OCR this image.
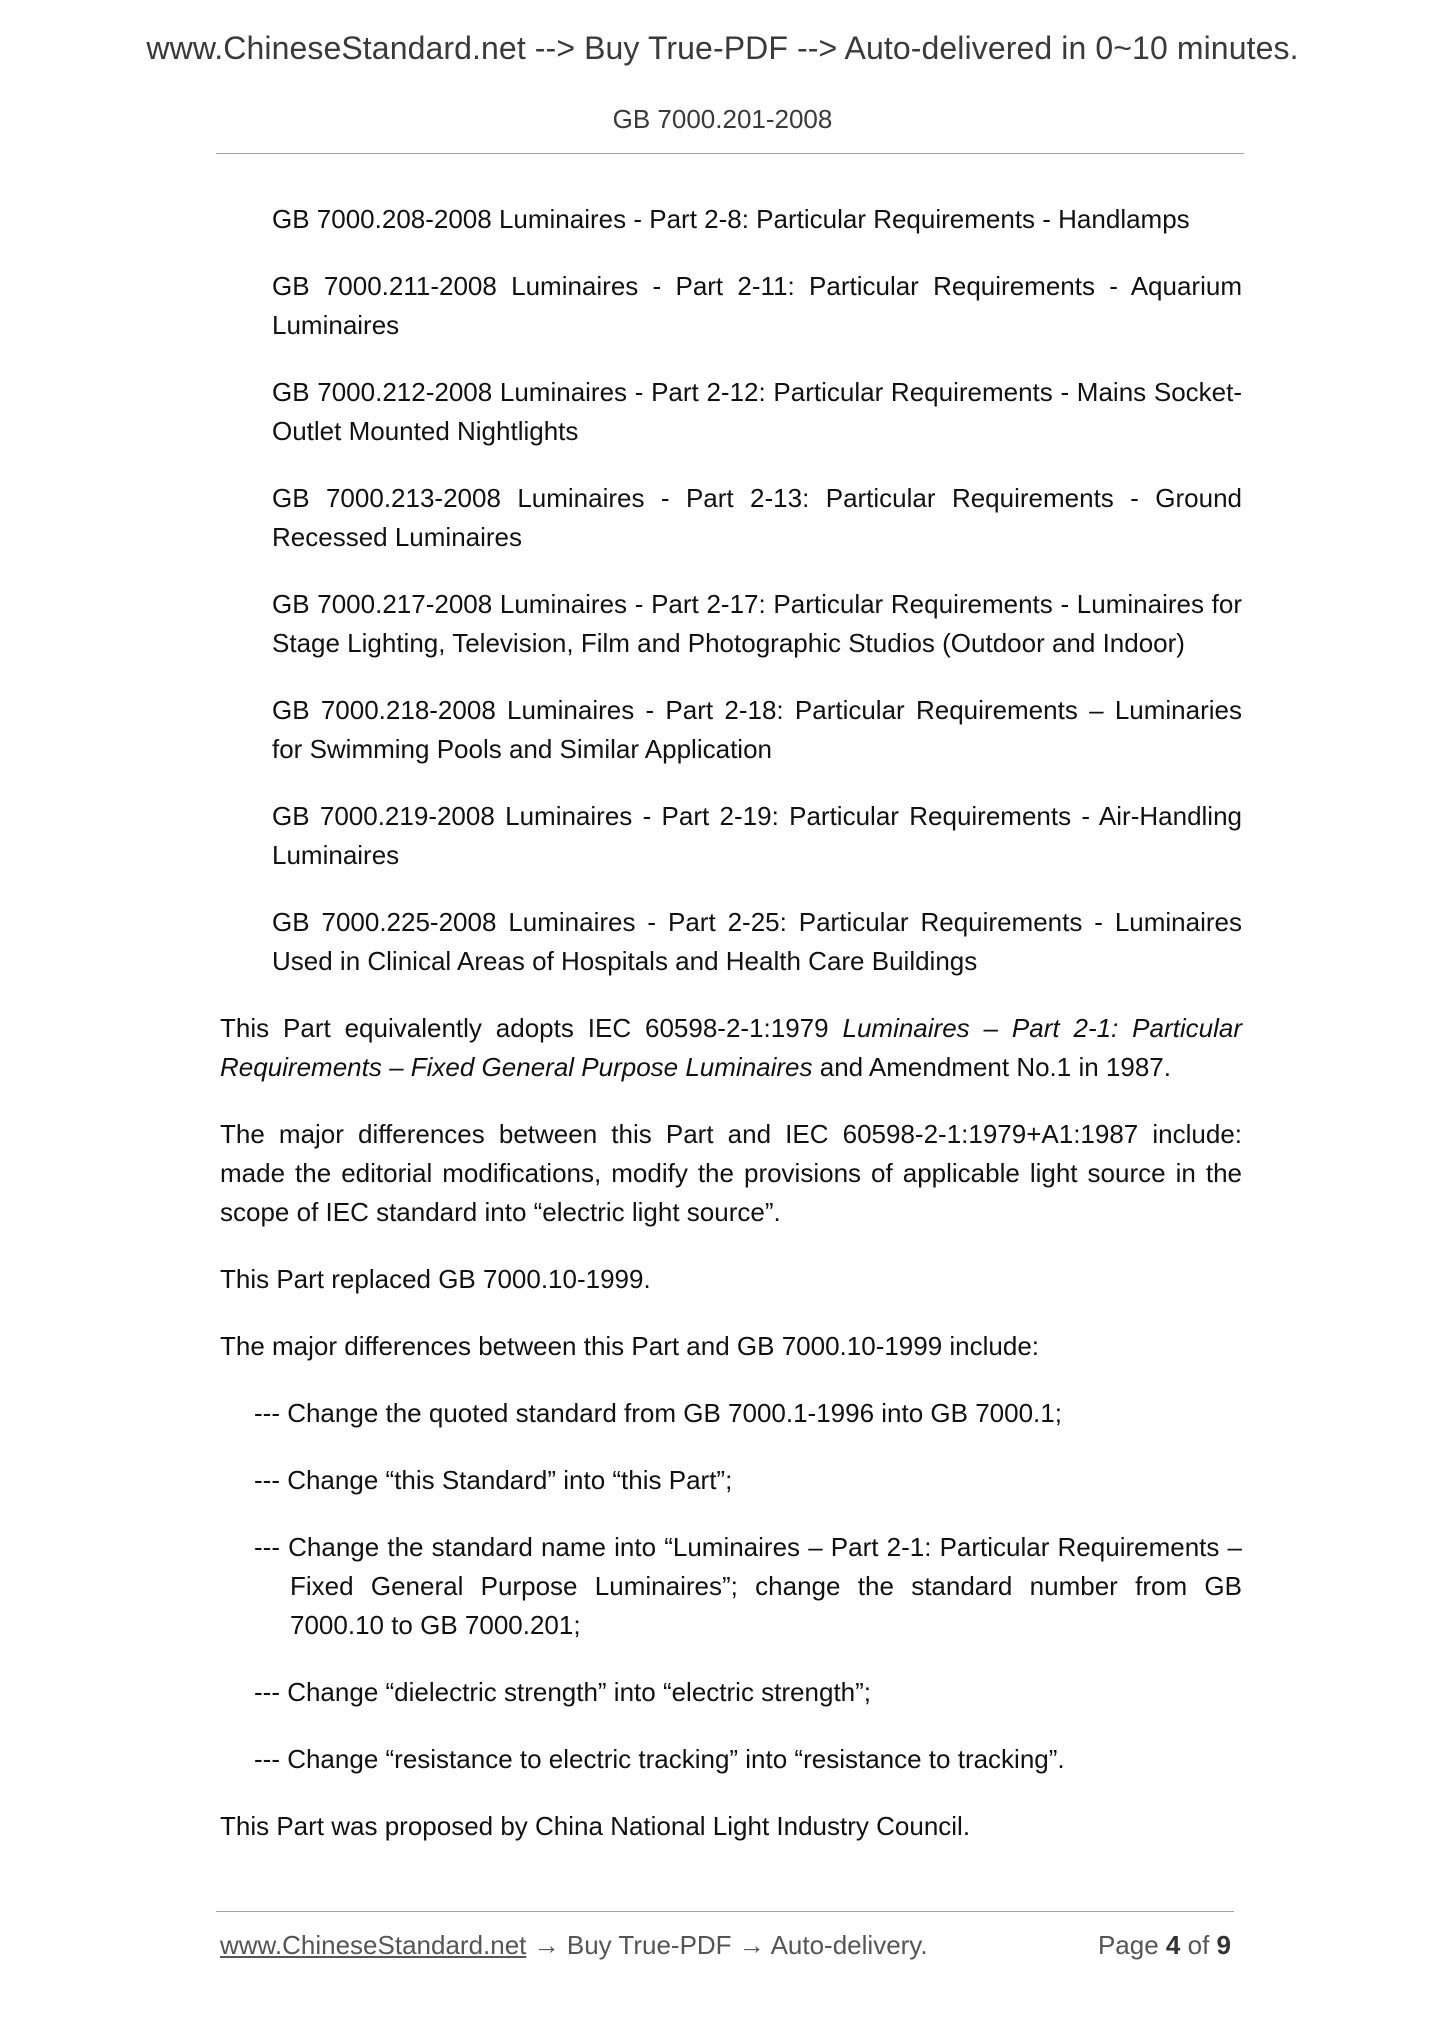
www.ChineseStandard.net --> Buy True-PDF --> Auto-delivered in 0~10 minutes.
GB 7000.201-2008

GB 7000.208-2008 Luminaires - Part 2-8: Particular Requirements - Handlamps

GB 7000.211-2008 Luminaires - Part 2-11: Particular Requirements - Aquarium Luminaires

GB 7000.212-2008 Luminaires - Part 2-12: Particular Requirements - Mains Socket-Outlet Mounted Nightlights

GB 7000.213-2008 Luminaires - Part 2-13: Particular Requirements - Ground Recessed Luminaires

GB 7000.217-2008 Luminaires - Part 2-17: Particular Requirements - Luminaires for Stage Lighting, Television, Film and Photographic Studios (Outdoor and Indoor)

GB 7000.218-2008 Luminaires - Part 2-18: Particular Requirements – Luminaries for Swimming Pools and Similar Application

GB 7000.219-2008 Luminaires - Part 2-19: Particular Requirements - Air-Handling Luminaires

GB 7000.225-2008 Luminaires - Part 2-25: Particular Requirements - Luminaires Used in Clinical Areas of Hospitals and Health Care Buildings

This Part equivalently adopts IEC 60598-2-1:1979 Luminaires – Part 2-1: Particular Requirements – Fixed General Purpose Luminaires and Amendment No.1 in 1987.

The major differences between this Part and IEC 60598-2-1:1979+A1:1987 include: made the editorial modifications, modify the provisions of applicable light source in the scope of IEC standard into “electric light source”.

This Part replaced GB 7000.10-1999.

The major differences between this Part and GB 7000.10-1999 include:

--- Change the quoted standard from GB 7000.1-1996 into GB 7000.1;

--- Change “this Standard” into “this Part”;

--- Change the standard name into “Luminaires – Part 2-1: Particular Requirements – Fixed General Purpose Luminaires”; change the standard number from GB 7000.10 to GB 7000.201;

--- Change “dielectric strength” into “electric strength”;

--- Change “resistance to electric tracking” into “resistance to tracking”.

This Part was proposed by China National Light Industry Council.

www.ChineseStandard.net → Buy True-PDF → Auto-delivery.	Page 4 of 9
